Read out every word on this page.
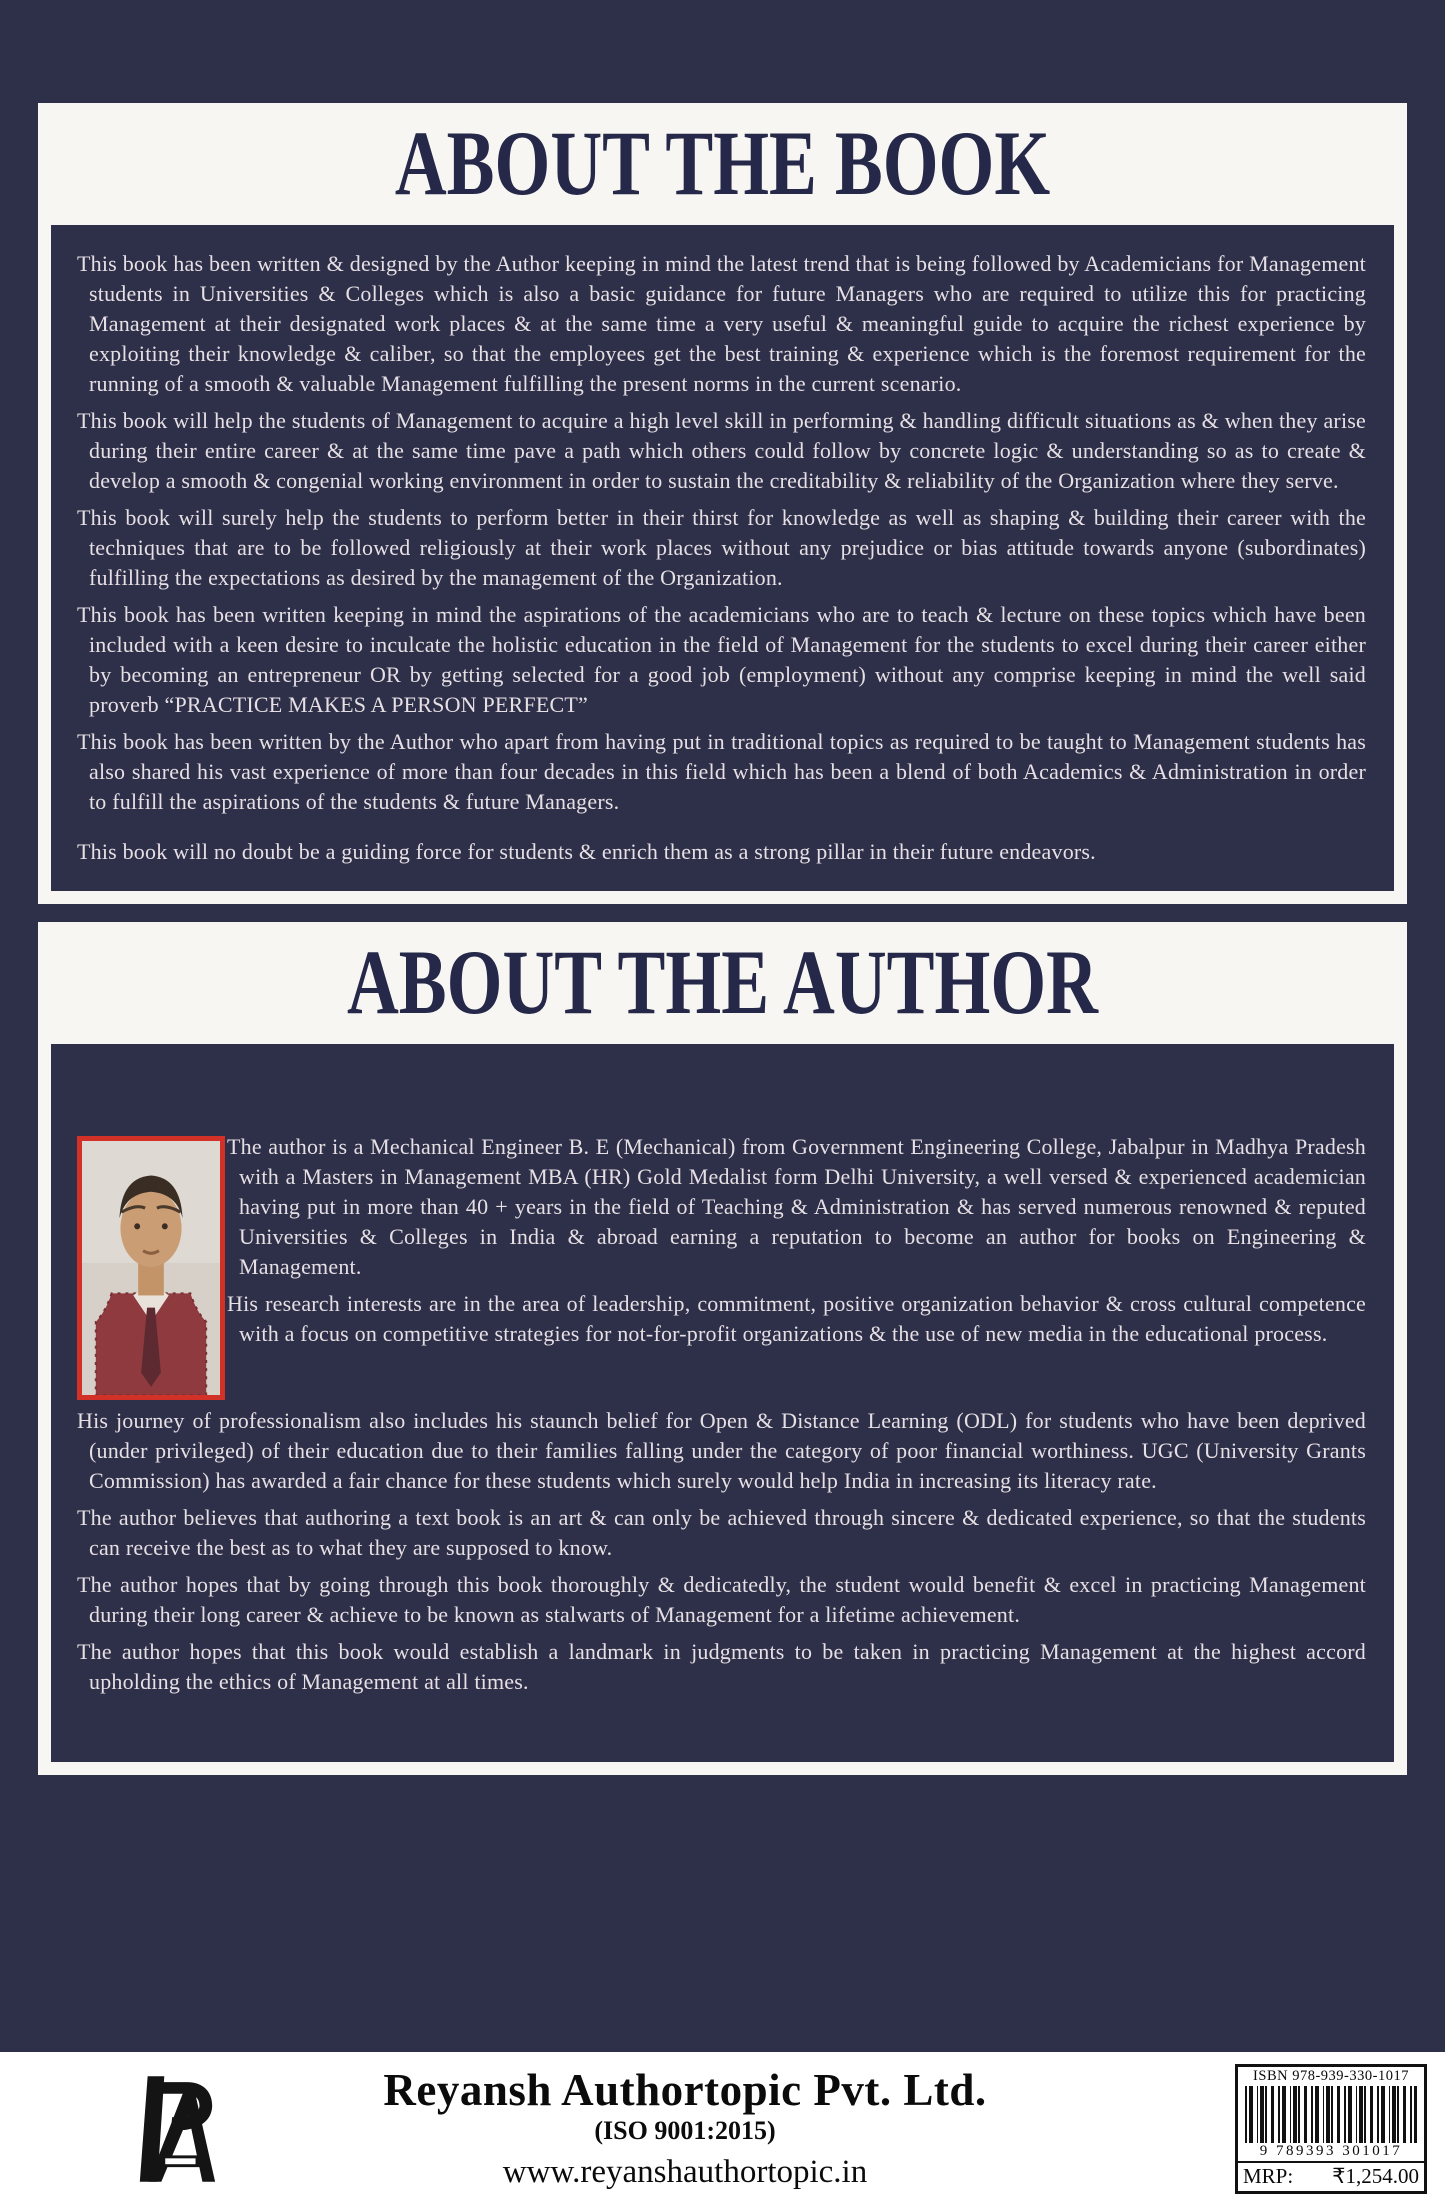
ABOUT THE BOOK

This book has been written & designed by the Author keeping in mind the latest trend that is being followed by Academicians for Management students in Universities & Colleges which is also a basic guidance for future Managers who are required to utilize this for practicing Management at their designated work places & at the same time a very useful & meaningful guide to acquire the richest experience by exploiting their knowledge & caliber, so that the employees get the best training & experience which is the foremost requirement for the running of a smooth & valuable Management fulfilling the present norms in the current scenario.

This book will help the students of Management to acquire a high level skill in performing & handling difficult situations as & when they arise during their entire career & at the same time pave a path which others could follow by concrete logic & understanding so as to create & develop a smooth & congenial working environment in order to sustain the creditability & reliability of the Organization where they serve.

This book will surely help the students to perform better in their thirst for knowledge as well as shaping & building their career with the techniques that are to be followed religiously at their work places without any prejudice or bias attitude towards anyone (subordinates) fulfilling the expectations as desired by the management of the Organization.

This book has been written keeping in mind the aspirations of the academicians who are to teach & lecture on these topics which have been included with a keen desire to inculcate the holistic education in the field of Management for the students to excel during their career either by becoming an entrepreneur OR by getting selected for a good job (employment) without any comprise keeping in mind the well said proverb “PRACTICE MAKES A PERSON PERFECT”

This book has been written by the Author who apart from having put in traditional topics as required to be taught to Management students has also shared his vast experience of more than four decades in this field which has been a blend of both Academics & Administration in order to fulfill the aspirations of the students & future Managers.

This book will no doubt be a guiding force for students & enrich them as a strong pillar in their future endeavors.

ABOUT THE AUTHOR

The author is a Mechanical Engineer B. E (Mechanical) from Government Engineering College, Jabalpur in Madhya Pradesh with a Masters in Management MBA (HR) Gold Medalist form Delhi University, a well versed & experienced academician having put in more than 40 + years in the field of Teaching & Administration & has served numerous renowned & reputed Universities & Colleges in India & abroad earning a reputation to become an author for books on Engineering & Management.

His research interests are in the area of leadership, commitment, positive organization behavior & cross cultural competence with a focus on competitive strategies for not-for-profit organizations & the use of new media in the educational process.

His journey of professionalism also includes his staunch belief for Open & Distance Learning (ODL) for students who have been deprived (under privileged) of their education due to their families falling under the category of poor financial worthiness. UGC (University Grants Commission) has awarded a fair chance for these students which surely would help India in increasing its literacy rate.

The author believes that authoring a text book is an art & can only be achieved through sincere & dedicated experience, so that the students can receive the best as to what they are supposed to know.

The author hopes that by going through this book thoroughly & dedicatedly, the student would benefit & excel in practicing Management during their long career & achieve to be known as stalwarts of Management for a lifetime achievement.

The author hopes that this book would establish a landmark in judgments to be taken in practicing Management at the highest accord upholding the ethics of Management at all times.

Reyansh Authortopic Pvt. Ltd.
(ISO 9001:2015)
www.reyanshauthortopic.in
ISBN 978-939-330-1017
9 789393 301017
MRP: ₹1,254.00
